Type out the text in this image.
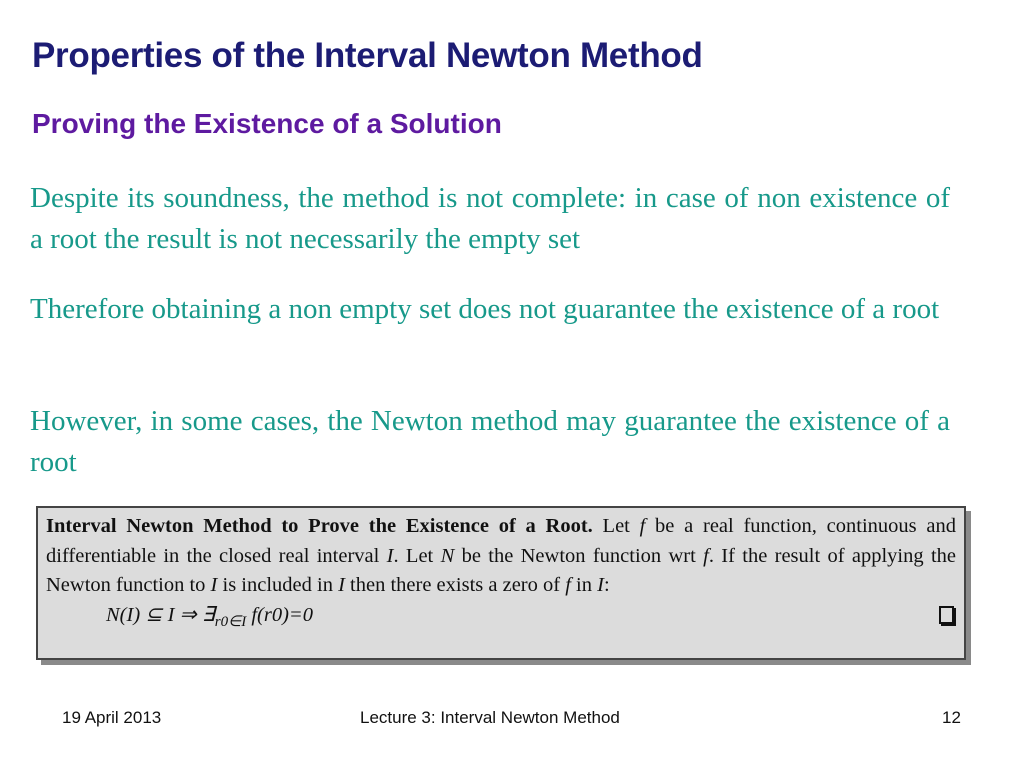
Properties of the Interval Newton Method
Proving the Existence of a Solution
Despite its soundness, the method is not complete: in case of non existence of a root the result is not necessarily the empty set
Therefore obtaining a non empty set does not guarantee the existence of a root
However, in some cases, the Newton method may guarantee the existence of a root

Interval Newton Method to Prove the Existence of a Root. Let f be a real function, continuous and differentiable in the closed real interval I. Let N be the Newton function wrt f. If the result of applying the Newton function to I is included in I then there exists a zero of f in I:

N(I) ⊆ I ⇒ $\exists_{r0\in I}$ f(r0)=0
19 April 2013	Lecture 3: Interval Newton Method	12
